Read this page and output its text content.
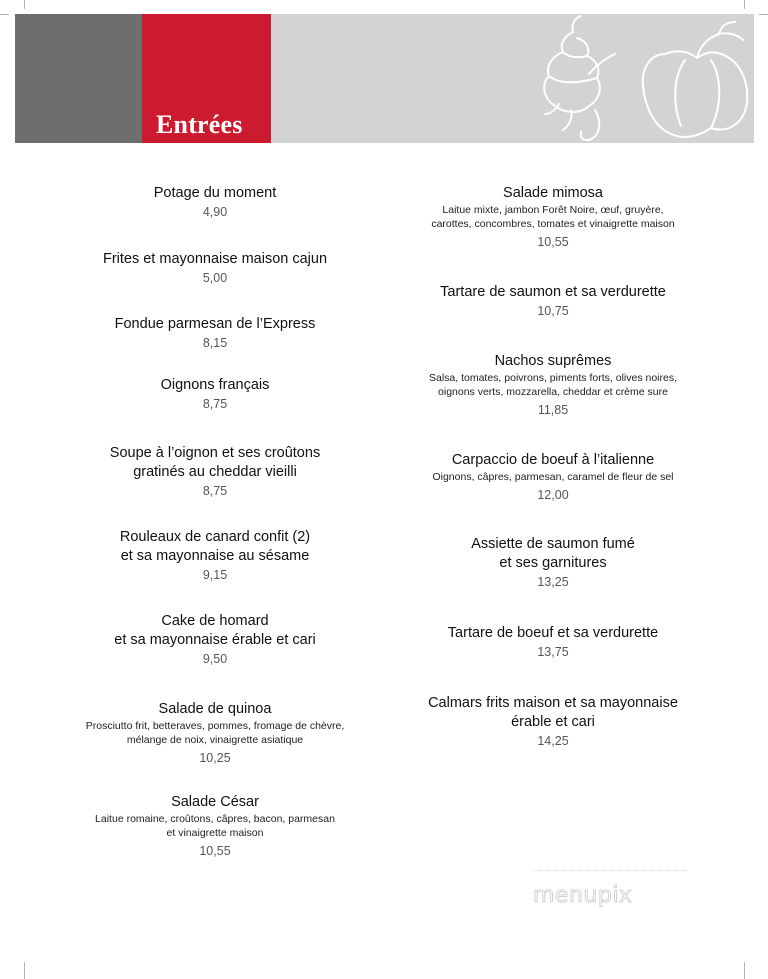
Entrées
Potage du moment
4,90
Frites et mayonnaise maison cajun
5,00
Fondue parmesan de l’Express
8,15
Oignons français
8,75
Soupe à l’oignon et ses croûtons
gratinés au cheddar vieilli
8,75
Rouleaux de canard confit (2)
et sa mayonnaise au sésame
9,15
Cake de homard
et sa mayonnaise érable et cari
9,50
Salade de quinoa
Prosciutto frit, betteraves, pommes, fromage de chèvre,
mélange de noix, vinaigrette asiatique
10,25
Salade César
Laitue romaine, croûtons, câpres, bacon, parmesan
et vinaigrette maison
10,55
Salade mimosa
Laitue mixte, jambon Forêt Noire, œuf, gruyère,
carottes, concombres, tomates et vinaigrette maison
10,55
Tartare de saumon et sa verdurette
10,75
Nachos suprêmes
Salsa, tomates, poivrons, piments forts, olives noires,
oignons verts, mozzarella, cheddar et crème sure
11,85
Carpaccio de boeuf à l’italienne
Oignons, câpres, parmesan, caramel de fleur de sel
12,00
Assiette de saumon fumé
et ses garnitures
13,25
Tartare de boeuf et sa verdurette
13,75
Calmars frits maison et sa mayonnaise
érable et cari
14,25
menupix
